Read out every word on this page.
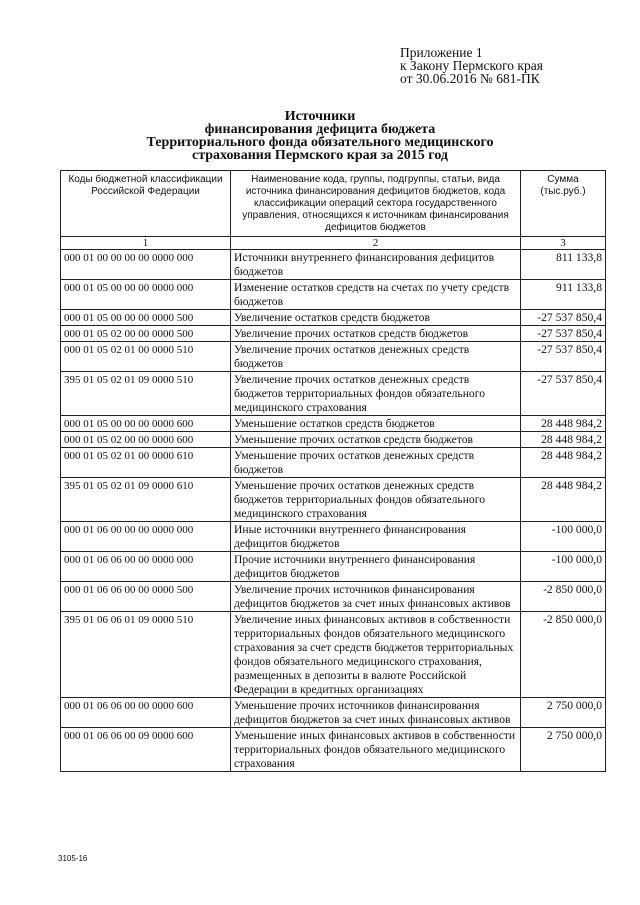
Приложение 1
к Закону Пермского края
от 30.06.2016 № 681-ПК
Источники
финансирования дефицита бюджета
Территориального фонда обязательного медицинского
страхования Пермского края за 2015 год
Коды бюджетной классификации Российской Федерации	Наименование кода, группы, подгруппы, статьи, вида источника финансирования дефицитов бюджетов, кода классификации операций сектора государственного управления, относящихся к источникам финансирования дефицитов бюджетов	Сумма (тыс.руб.)
1	2	3
000 01 00 00 00 00 0000 000	Источники внутреннего финансирования дефицитов бюджетов	811 133,8
000 01 05 00 00 00 0000 000	Изменение остатков средств на счетах по учету средств бюджетов	911 133,8
000 01 05 00 00 00 0000 500	Увеличение остатков средств бюджетов	-27 537 850,4
000 01 05 02 00 00 0000 500	Увеличение прочих остатков средств бюджетов	-27 537 850,4
000 01 05 02 01 00 0000 510	Увеличение прочих остатков денежных средств бюджетов	-27 537 850,4
395 01 05 02 01 09 0000 510	Увеличение прочих остатков денежных средств бюджетов территориальных фондов обязательного медицинского страхования	-27 537 850,4
000 01 05 00 00 00 0000 600	Уменьшение остатков средств бюджетов	28 448 984,2
000 01 05 02 00 00 0000 600	Уменьшение прочих остатков средств бюджетов	28 448 984,2
000 01 05 02 01 00 0000 610	Уменьшение прочих остатков денежных средств бюджетов	28 448 984,2
395 01 05 02 01 09 0000 610	Уменьшение прочих остатков денежных средств бюджетов территориальных фондов обязательного медицинского страхования	28 448 984,2
000 01 06 00 00 00 0000 000	Иные источники внутреннего финансирования дефицитов бюджетов	-100 000,0
000 01 06 06 00 00 0000 000	Прочие источники внутреннего финансирования дефицитов бюджетов	-100 000,0
000 01 06 06 00 00 0000 500	Увеличение прочих источников финансирования дефицитов бюджетов за счет иных финансовых активов	-2 850 000,0
395 01 06 06 01 09 0000 510	Увеличение иных финансовых активов в собственности территориальных фондов обязательного медицинского страхования за счет средств бюджетов территориальных фондов обязательного медицинского страхования, размещенных в депозиты в валюте Российской Федерации в кредитных организациях	-2 850 000,0
000 01 06 06 00 00 0000 600	Уменьшение прочих источников финансирования дефицитов бюджетов за счет иных финансовых активов	2 750 000,0
000 01 06 06 00 09 0000 600	Уменьшение иных финансовых активов в собственности территориальных фондов обязательного медицинского страхования	2 750 000,0
3105-16
